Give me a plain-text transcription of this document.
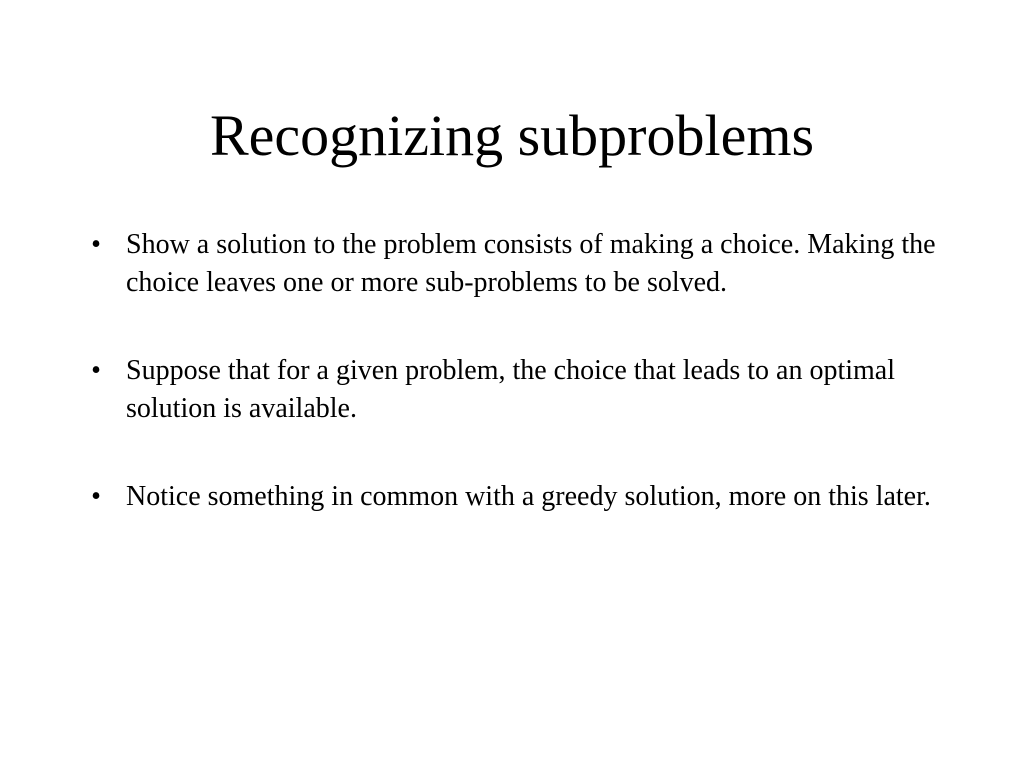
Recognizing subproblems
• Show a solution to the problem consists of making a choice. Making the choice leaves one or more sub-problems to be solved.
• Suppose that for a given problem, the choice that leads to an optimal solution is available.
• Notice something in common with a greedy solution, more on this later.
